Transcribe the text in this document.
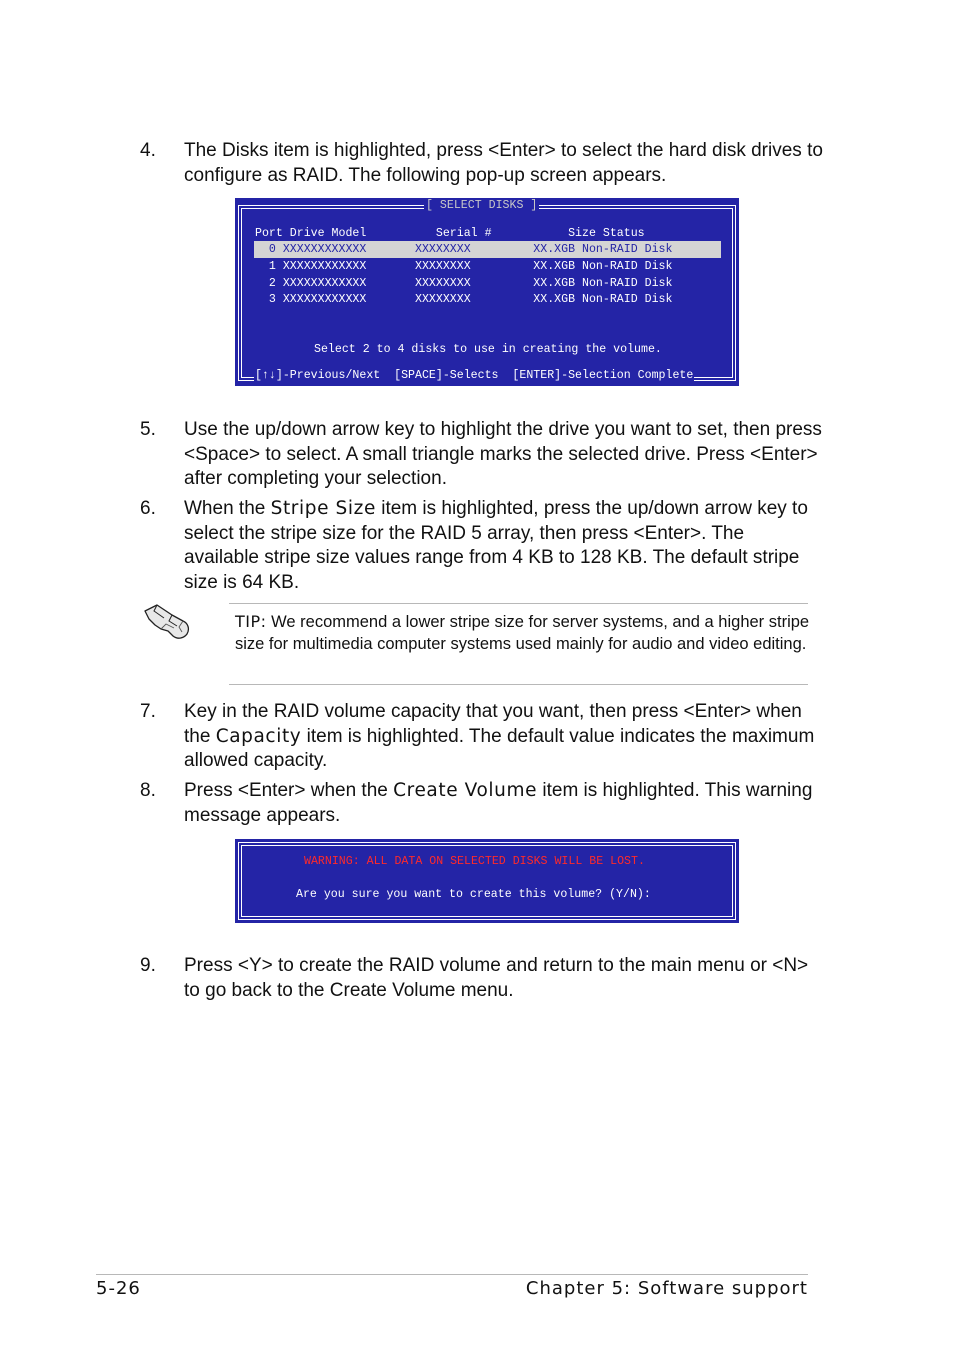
4. The Disks item is highlighted, press <Enter> to select the hard disk drives to configure as RAID. The following pop-up screen appears.
[ SELECT DISKS ]
Port Drive Model          Serial #           Size Status
0 XXXXXXXXXXXX       XXXXXXXX         XX.XGB Non-RAID Disk
1 XXXXXXXXXXXX       XXXXXXXX         XX.XGB Non-RAID Disk
2 XXXXXXXXXXXX       XXXXXXXX         XX.XGB Non-RAID Disk
3 XXXXXXXXXXXX       XXXXXXXX         XX.XGB Non-RAID Disk
Select 2 to 4 disks to use in creating the volume.
[↑↓]-Previous/Next  [SPACE]-Selects  [ENTER]-Selection Complete
5. Use the up/down arrow key to highlight the drive you want to set, then press <Space> to select. A small triangle marks the selected drive. Press <Enter> after completing your selection.
6. When the Stripe Size item is highlighted, press the up/down arrow key to select the stripe size for the RAID 5 array, then press <Enter>. The available stripe size values range from 4 KB to 128 KB. The default stripe size is 64 KB.
TIP: We recommend a lower stripe size for server systems, and a higher stripe size for multimedia computer systems used mainly for audio and video editing.
7. Key in the RAID volume capacity that you want, then press <Enter> when the Capacity item is highlighted. The default value indicates the maximum allowed capacity.
8. Press <Enter> when the Create Volume item is highlighted. This warning message appears.
WARNING: ALL DATA ON SELECTED DISKS WILL BE LOST.
Are you sure you want to create this volume? (Y/N):
9. Press <Y> to create the RAID volume and return to the main menu or <N> to go back to the Create Volume menu.
5-26	Chapter 5: Software support
